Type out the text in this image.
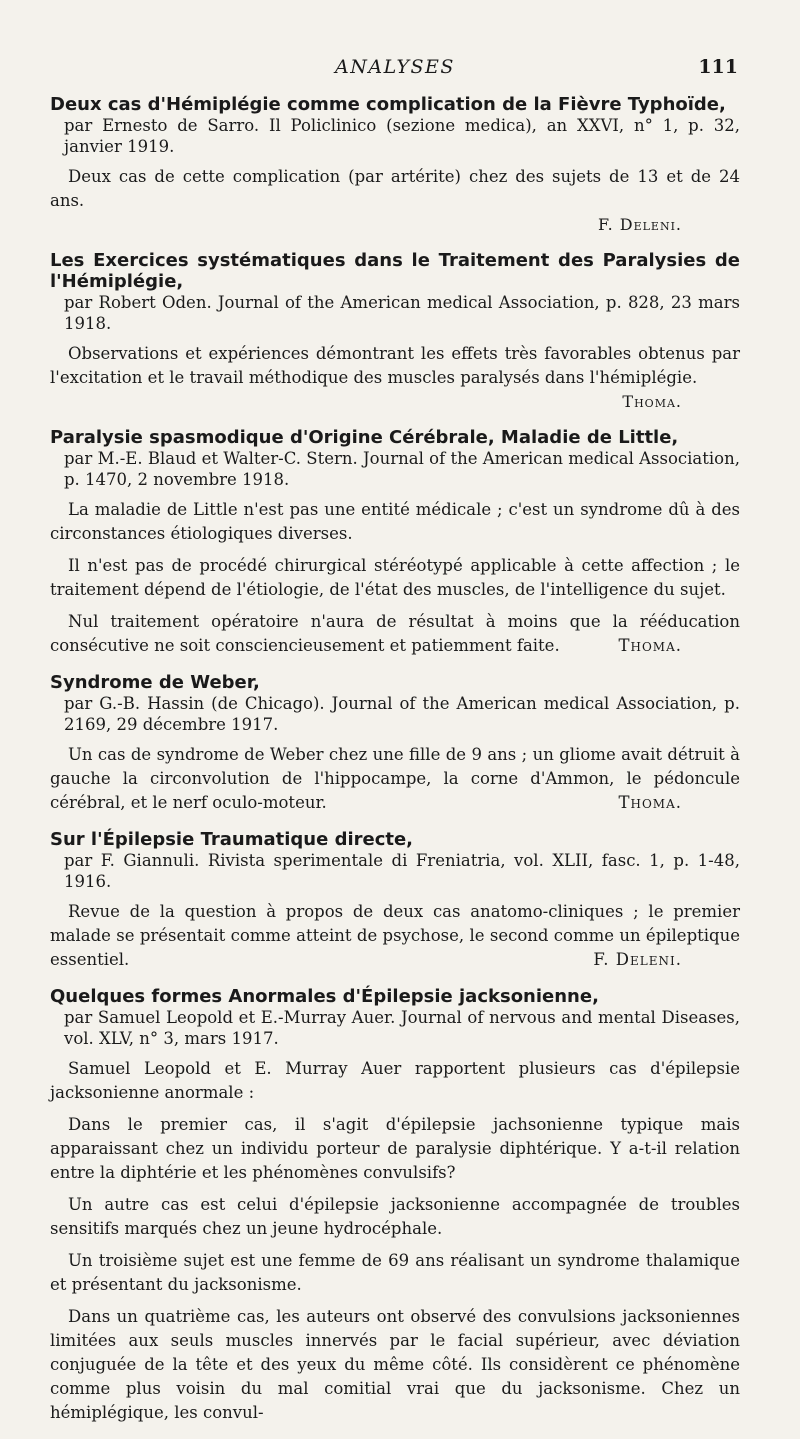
ANALYSES	111
Deux cas d'Hémiplégie comme complication de la Fièvre Typhoïde,
par Ernesto de Sarro. Il Policlinico (sezione medica), an XXVI, n° 1, p. 32, janvier 1919.

Deux cas de cette complication (par artérite) chez des sujets de 13 et de 24 ans.

F. Deleni.
Les Exercices systématiques dans le Traitement des Paralysies de l'Hémiplégie,
par Robert Oden. Journal of the American medical Association, p. 828, 23 mars 1918.

Observations et expériences démontrant les effets très favorables obtenus par l'excitation et le travail méthodique des muscles paralysés dans l'hémiplégie.

Thoma.
Paralysie spasmodique d'Origine Cérébrale, Maladie de Little,
par M.-E. Blaud et Walter-C. Stern. Journal of the American medical Association, p. 1470, 2 novembre 1918.

La maladie de Little n'est pas une entité médicale ; c'est un syndrome dû à des circonstances étiologiques diverses.

Il n'est pas de procédé chirurgical stéréotypé applicable à cette affection ; le traitement dépend de l'étiologie, de l'état des muscles, de l'intelligence du sujet.

Nul traitement opératoire n'aura de résultat à moins que la rééducation consécutive ne soit consciencieusement et patiemment faite.	Thoma.

Syndrome de Weber,
par G.-B. Hassin (de Chicago). Journal of the American medical Association, p. 2169, 29 décembre 1917.

Un cas de syndrome de Weber chez une fille de 9 ans ; un gliome avait détruit à gauche la circonvolution de l'hippocampe, la corne d'Ammon, le pédoncule cérébral, et le nerf oculo-moteur.	Thoma.

Sur l'Épilepsie Traumatique directe,
par F. Giannuli. Rivista sperimentale di Freniatria, vol. XLII, fasc. 1, p. 1-48, 1916.

Revue de la question à propos de deux cas anatomo-cliniques ; le premier malade se présentait comme atteint de psychose, le second comme un épileptique essentiel.	F. Deleni.

Quelques formes Anormales d'Épilepsie jacksonienne,
par Samuel Leopold et E.-Murray Auer. Journal of nervous and mental Diseases, vol. XLV, n° 3, mars 1917.

Samuel Leopold et E. Murray Auer rapportent plusieurs cas d'épilepsie jacksonienne anormale :

Dans le premier cas, il s'agit d'épilepsie jachsonienne typique mais apparaissant chez un individu porteur de paralysie diphtérique. Y a-t-il relation entre la diphtérie et les phénomènes convulsifs?

Un autre cas est celui d'épilepsie jacksonienne accompagnée de troubles sensitifs marqués chez un jeune hydrocéphale.

Un troisième sujet est une femme de 69 ans réalisant un syndrome thalamique et présentant du jacksonisme.

Dans un quatrième cas, les auteurs ont observé des convulsions jacksoniennes limitées aux seuls muscles innervés par le facial supérieur, avec déviation conjuguée de la tête et des yeux du même côté. Ils considèrent ce phénomène comme plus voisin du mal comitial vrai que du jacksonisme. Chez un hémiplégique, les convul-
